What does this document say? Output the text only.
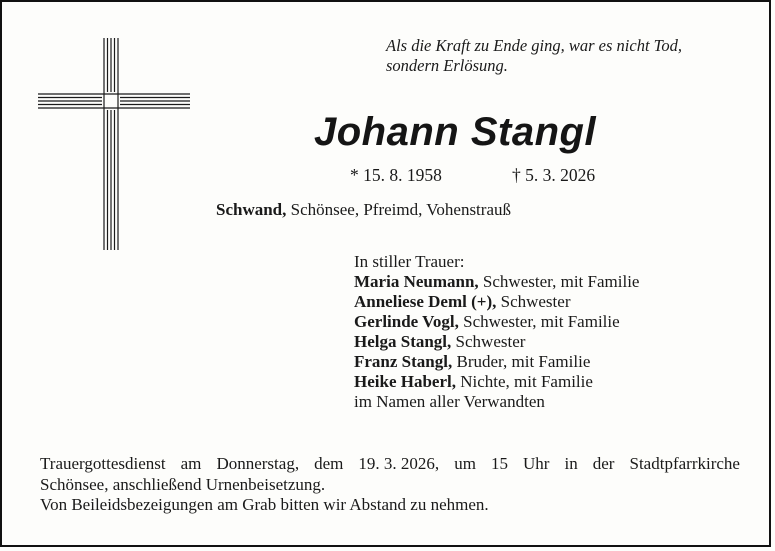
Als die Kraft zu Ende ging, war es nicht Tod,
sondern Erlösung.
Johann Stangl
* 15. 8. 1958	† 5. 3. 2026
Schwand, Schönsee, Pfreimd, Vohenstrauß
In stiller Trauer:
Maria Neumann, Schwester, mit Familie
Anneliese Deml (+), Schwester
Gerlinde Vogl, Schwester, mit Familie
Helga Stangl, Schwester
Franz Stangl, Bruder, mit Familie
Heike Haberl, Nichte, mit Familie
im Namen aller Verwandten
Trauergottesdienst am Donnerstag, dem 19. 3. 2026, um 15 Uhr in der Stadtpfarrkirche
Schönsee, anschließend Urnenbeisetzung.
Von Beileidsbezeigungen am Grab bitten wir Abstand zu nehmen.
